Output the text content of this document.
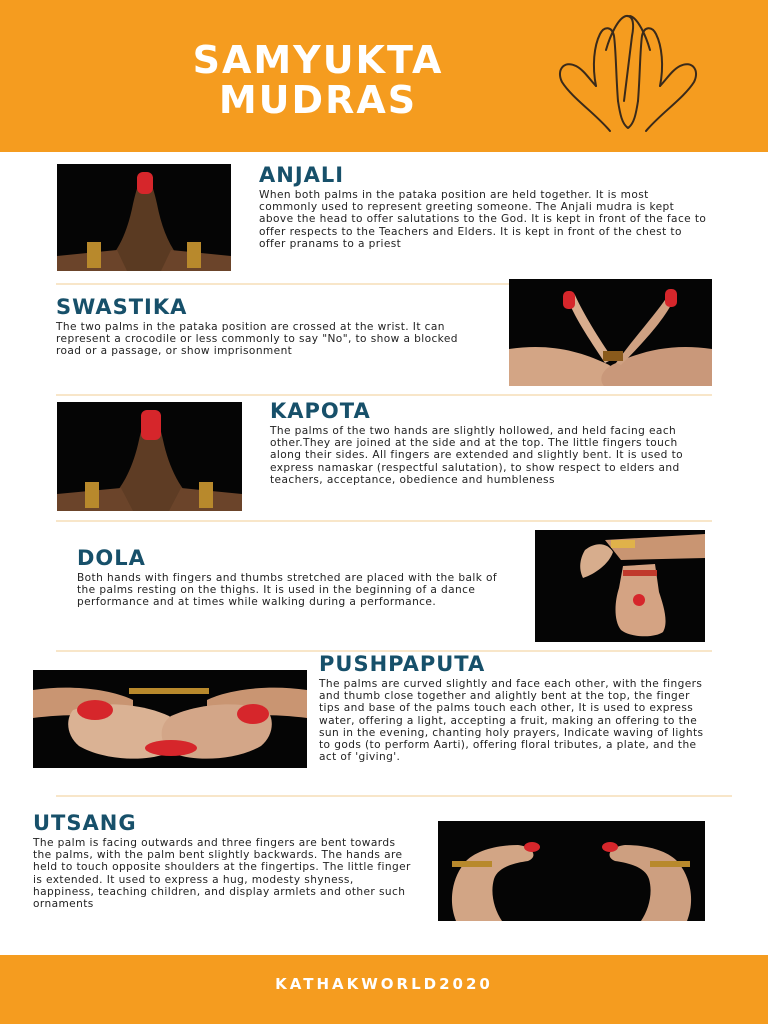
SAMYUKTA
MUDRAS
ANJALI
When both palms in the pataka position are held together. It is most commonly used to represent greeting someone. The Anjali mudra is kept above the head to offer salutations to the God. It is kept in front of the face to offer respects to the Teachers and Elders. It is kept in front of the chest to offer pranams to a priest
SWASTIKA
The two palms in the pataka position are crossed at the wrist. It can represent a crocodile or less commonly to say "No", to show a blocked road or a passage, or show imprisonment
KAPOTA
The palms of the two hands are slightly hollowed, and held facing each other.They are joined at the side and at the top. The little fingers touch along their sides. All fingers are extended and slightly bent. It is used to express namaskar (respectful salutation), to show respect to elders and teachers, acceptance, obedience and humbleness
DOLA
Both hands with fingers and thumbs stretched are placed with the balk of the palms resting on the thighs. It is used in the beginning of a dance performance and at times while walking during a performance.
PUSHPAPUTA
The palms are curved slightly and face each other, with the fingers and thumb close together and alightly bent at the top, the finger tips and base of the palms touch each other, It is used to express water, offering a light, accepting a fruit, making an offering to the sun in the evening, chanting holy prayers, Indicate waving of lights to gods (to perform Aarti), offering floral tributes, a plate, and the act of 'giving'.
UTSANG
The palm is facing outwards and three fingers are bent towards the palms, with the palm bent slightly backwards. The hands are held to touch opposite shoulders at the fingertips. The little finger is extended. It used to express a hug, modesty shyness, happiness, teaching children, and display armlets and other such ornaments
KATHAKWORLD2020
